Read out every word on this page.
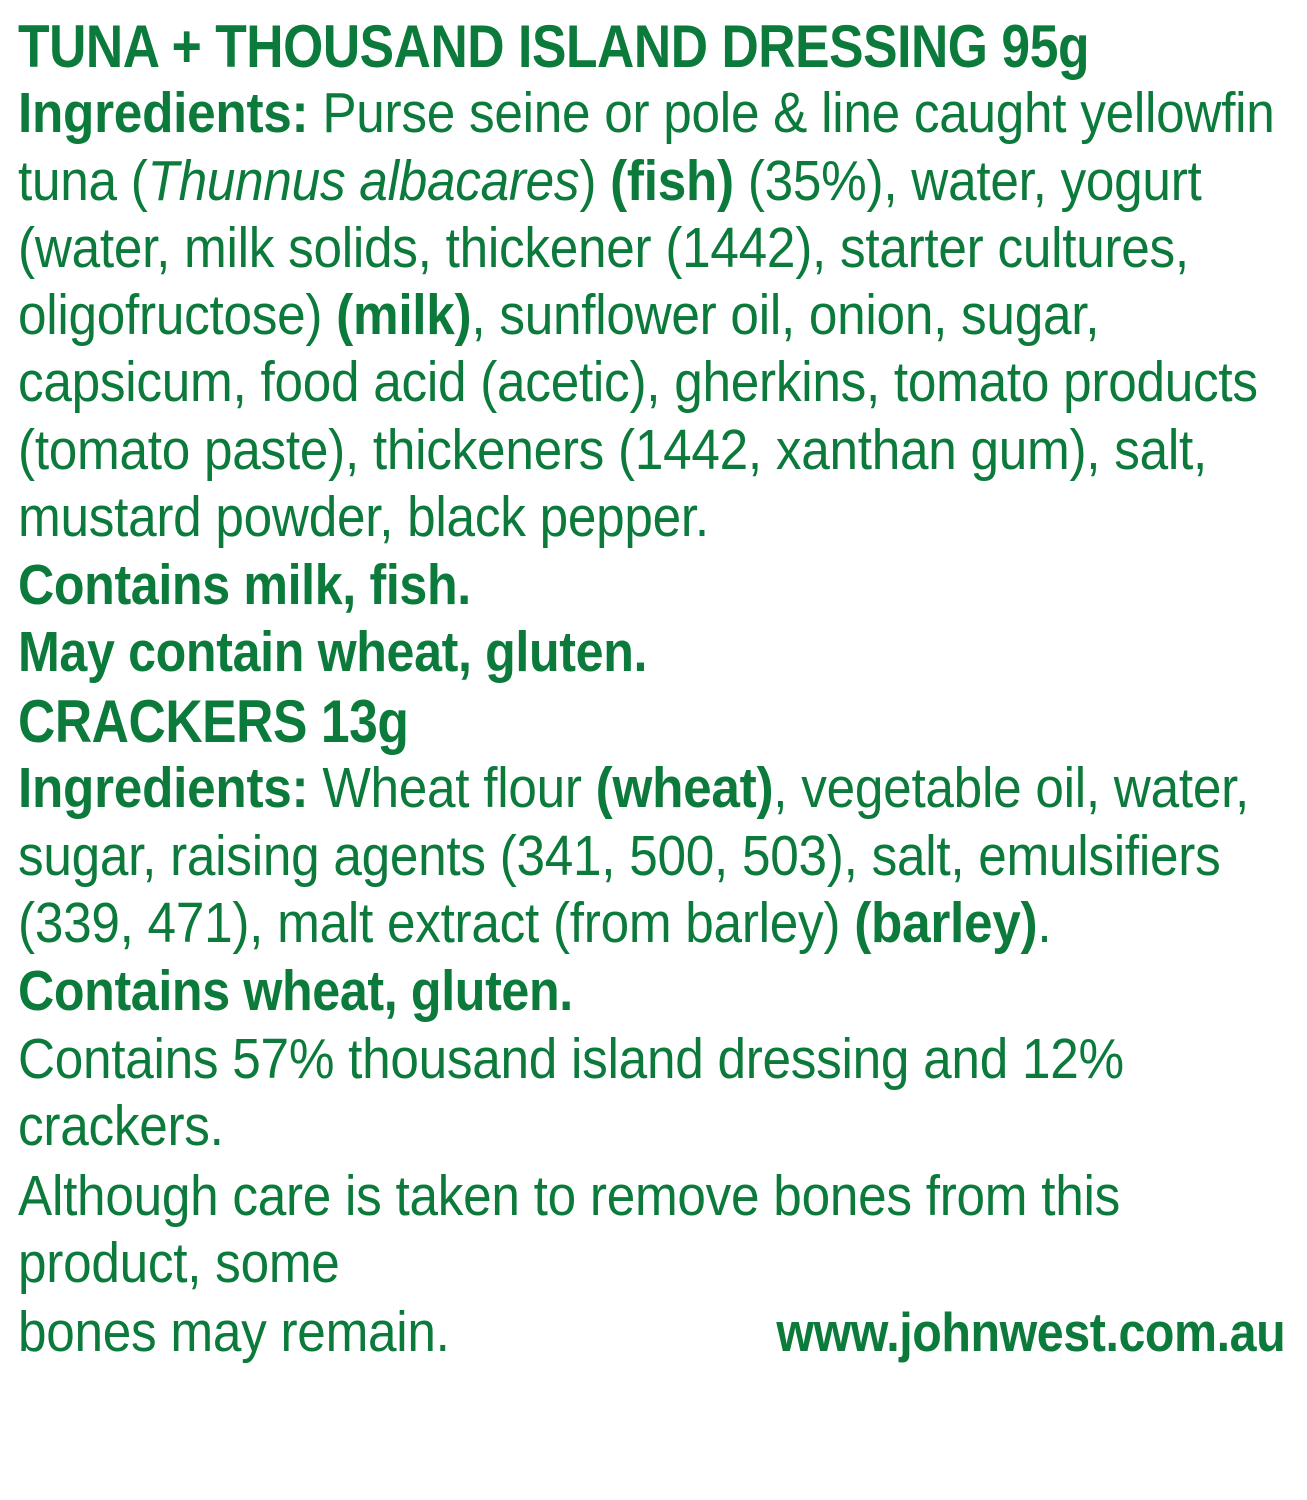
TUNA + THOUSAND ISLAND DRESSING 95g
Ingredients: Purse seine or pole & line caught yellowfin tuna (Thunnus albacares) (fish) (35%), water, yogurt (water, milk solids, thickener (1442), starter cultures, oligofructose) (milk), sunflower oil, onion, sugar, capsicum, food acid (acetic), gherkins, tomato products (tomato paste), thickeners (1442, xanthan gum), salt, mustard powder, black pepper.
Contains milk, fish.
May contain wheat, gluten.
CRACKERS 13g
Ingredients: Wheat flour (wheat), vegetable oil, water, sugar, raising agents (341, 500, 503), salt, emulsifiers (339, 471), malt extract (from barley) (barley).
Contains wheat, gluten.
Contains 57% thousand island dressing and 12% crackers.
Although care is taken to remove bones from this product, some
bones may remain.	www.johnwest.com.au
